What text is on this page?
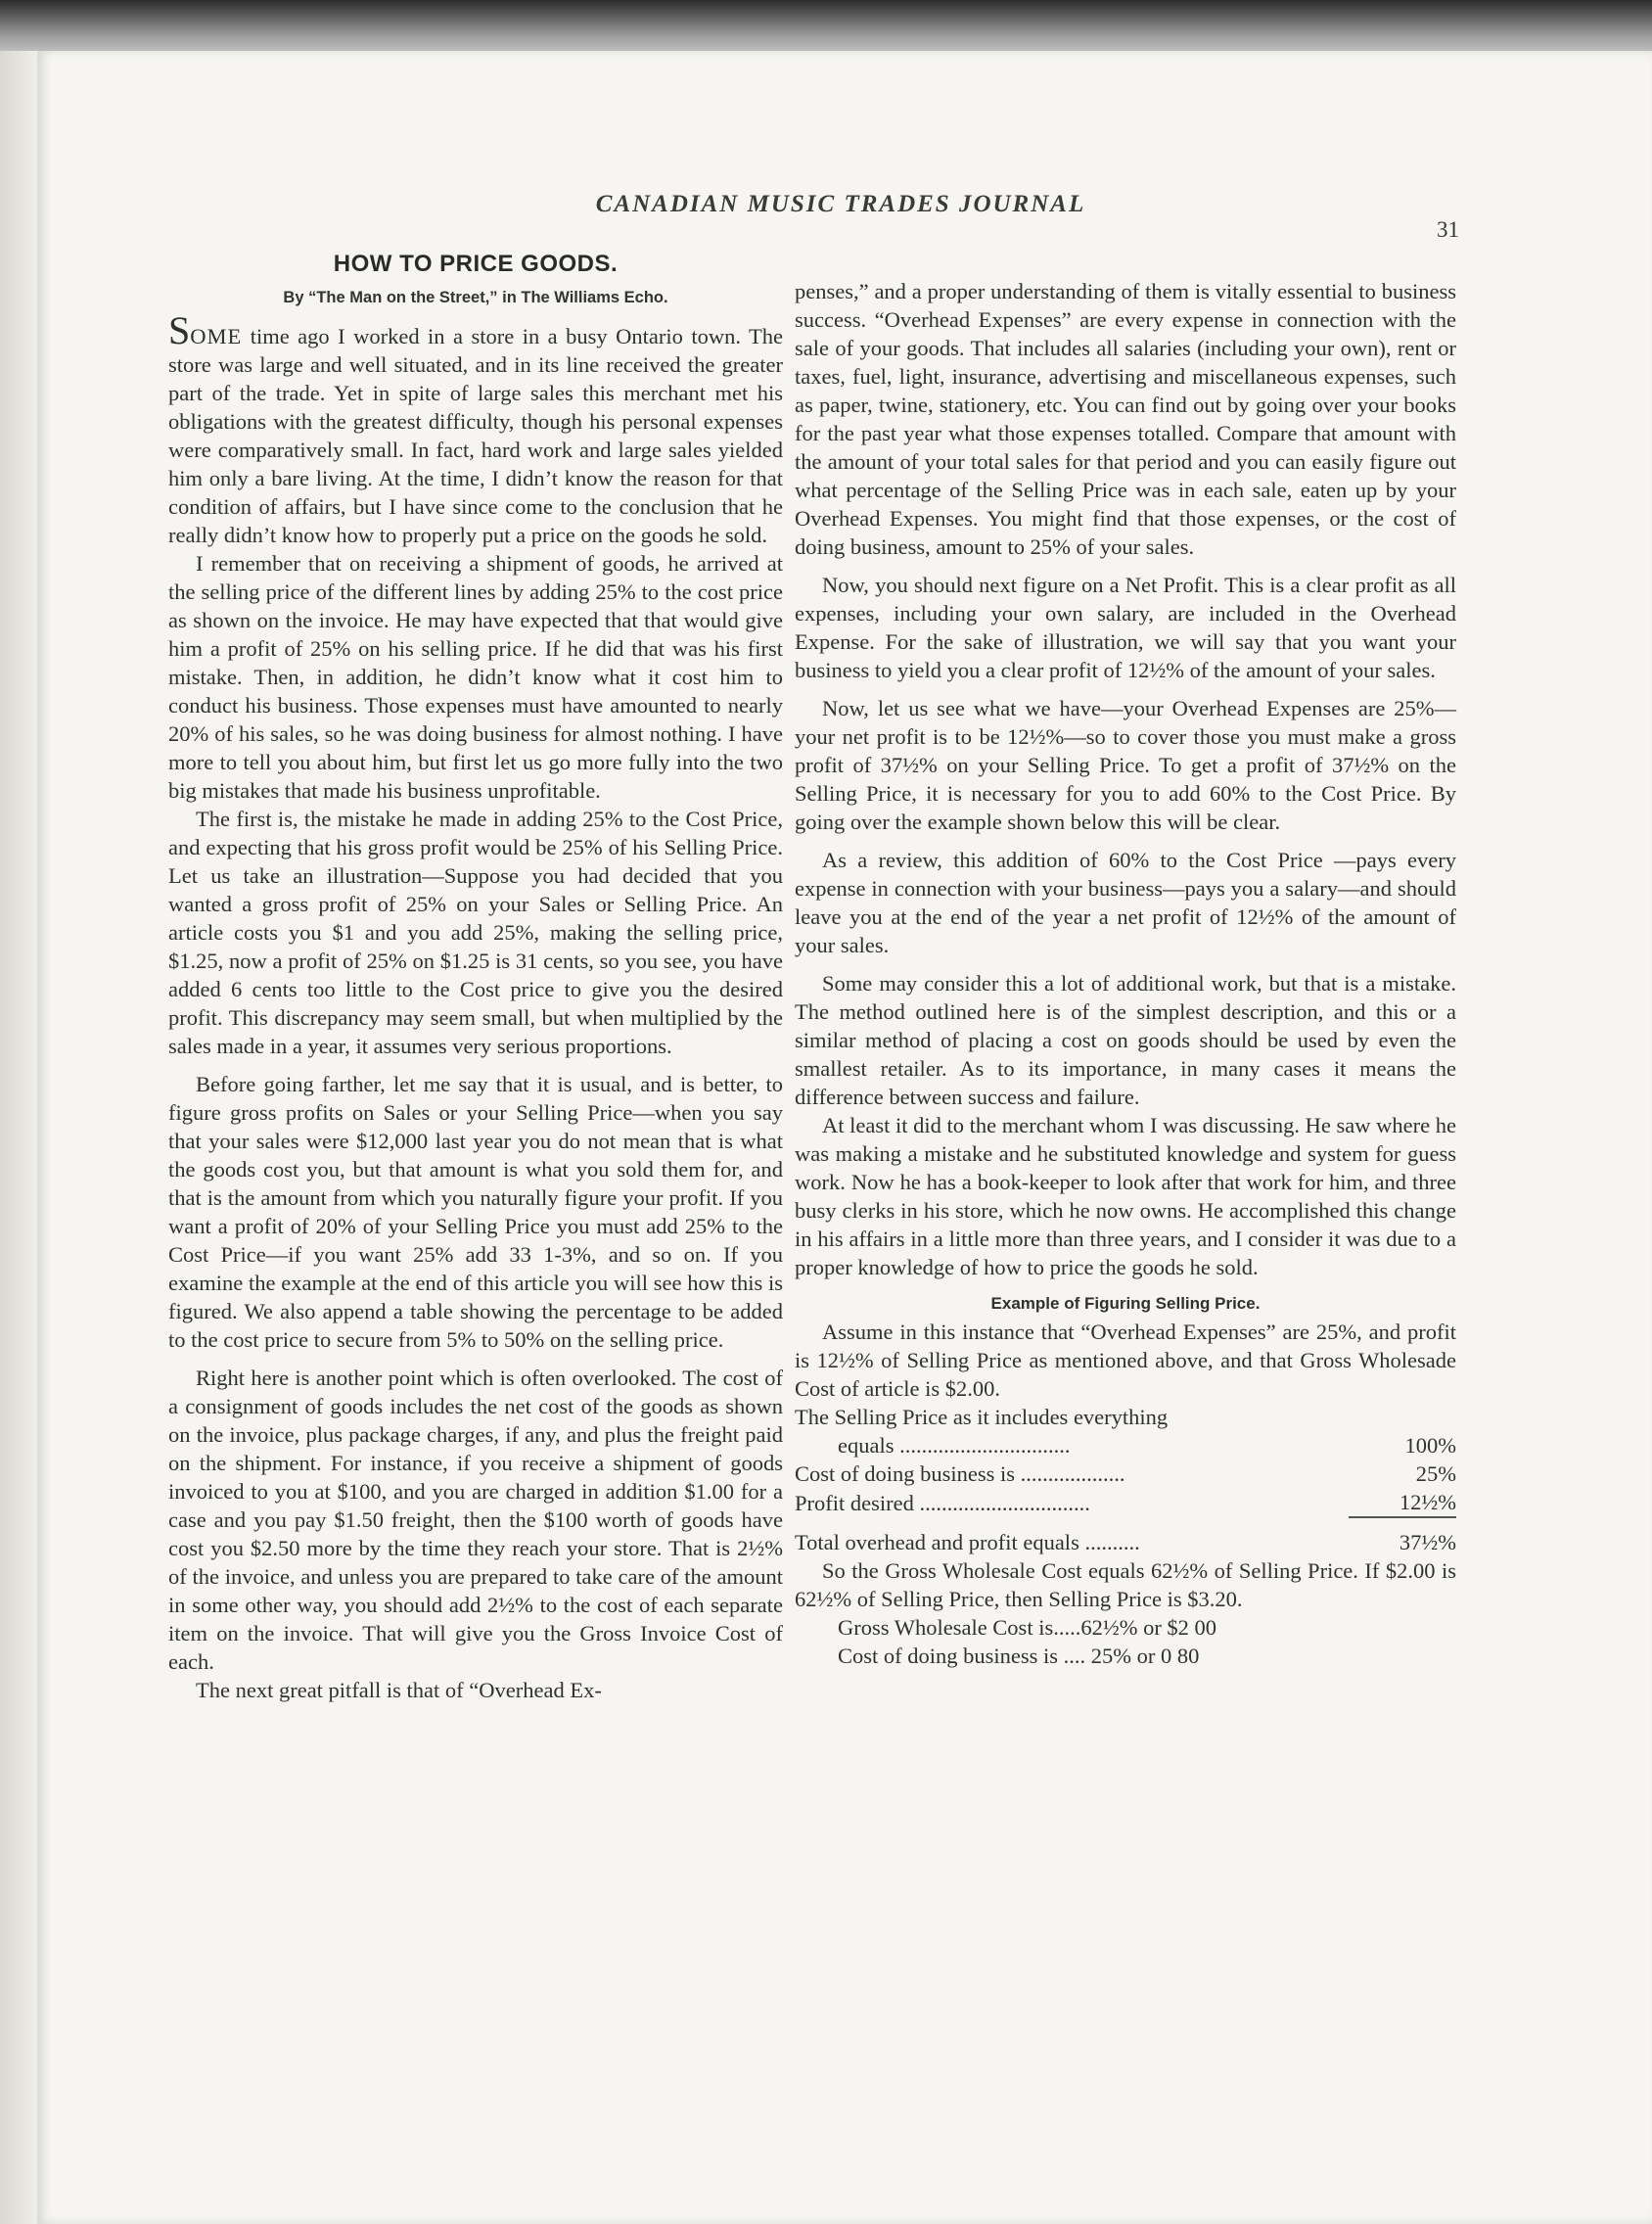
CANADIAN MUSIC TRADES JOURNAL
31
HOW TO PRICE GOODS.
By “The Man on the Street,” in The Williams Echo.

SOME time ago I worked in a store in a busy Ontario town. The store was large and well situated, and in its line received the greater part of the trade. Yet in spite of large sales this merchant met his obligations with the greatest difficulty, though his personal expenses were comparatively small. In fact, hard work and large sales yielded him only a bare living. At the time, I didn’t know the reason for that condition of affairs, but I have since come to the conclusion that he really didn’t know how to properly put a price on the goods he sold.

I remember that on receiving a shipment of goods, he arrived at the selling price of the different lines by adding 25% to the cost price as shown on the invoice. He may have expected that that would give him a profit of 25% on his selling price. If he did that was his first mistake. Then, in addition, he didn’t know what it cost him to conduct his business. Those expenses must have amounted to nearly 20% of his sales, so he was doing business for almost nothing. I have more to tell you about him, but first let us go more fully into the two big mistakes that made his business unprofitable.

The first is, the mistake he made in adding 25% to the Cost Price, and expecting that his gross profit would be 25% of his Selling Price. Let us take an illustration—Suppose you had decided that you wanted a gross profit of 25% on your Sales or Selling Price. An article costs you $1 and you add 25%, making the selling price, $1.25, now a profit of 25% on $1.25 is 31 cents, so you see, you have added 6 cents too little to the Cost price to give you the desired profit. This discrepancy may seem small, but when multiplied by the sales made in a year, it assumes very serious proportions.

Before going farther, let me say that it is usual, and is better, to figure gross profits on Sales or your Selling Price—when you say that your sales were $12,000 last year you do not mean that is what the goods cost you, but that amount is what you sold them for, and that is the amount from which you naturally figure your profit. If you want a profit of 20% of your Selling Price you must add 25% to the Cost Price—if you want 25% add 33 1-3%, and so on. If you examine the example at the end of this article you will see how this is figured. We also append a table showing the percentage to be added to the cost price to secure from 5% to 50% on the selling price.

Right here is another point which is often overlooked. The cost of a consignment of goods includes the net cost of the goods as shown on the invoice, plus package charges, if any, and plus the freight paid on the shipment. For instance, if you receive a shipment of goods invoiced to you at $100, and you are charged in addition $1.00 for a case and you pay $1.50 freight, then the $100 worth of goods have cost you $2.50 more by the time they reach your store. That is 2½% of the invoice, and unless you are prepared to take care of the amount in some other way, you should add 2½% to the cost of each separate item on the invoice. That will give you the Gross Invoice Cost of each.

The next great pitfall is that of “Overhead Ex-

penses,” and a proper understanding of them is vitally essential to business success. “Overhead Expenses” are every expense in connection with the sale of your goods. That includes all salaries (including your own), rent or taxes, fuel, light, insurance, advertising and miscellaneous expenses, such as paper, twine, stationery, etc. You can find out by going over your books for the past year what those expenses totalled. Compare that amount with the amount of your total sales for that period and you can easily figure out what percentage of the Selling Price was in each sale, eaten up by your Overhead Expenses. You might find that those expenses, or the cost of doing business, amount to 25% of your sales.

Now, you should next figure on a Net Profit. This is a clear profit as all expenses, including your own salary, are included in the Overhead Expense. For the sake of illustration, we will say that you want your business to yield you a clear profit of 12½% of the amount of your sales.

Now, let us see what we have—your Overhead Expenses are 25%—your net profit is to be 12½%—so to cover those you must make a gross profit of 37½% on your Selling Price. To get a profit of 37½% on the Selling Price, it is necessary for you to add 60% to the Cost Price. By going over the example shown below this will be clear.

As a review, this addition of 60% to the Cost Price —pays every expense in connection with your business—pays you a salary—and should leave you at the end of the year a net profit of 12½% of the amount of your sales.

Some may consider this a lot of additional work, but that is a mistake. The method outlined here is of the simplest description, and this or a similar method of placing a cost on goods should be used by even the smallest retailer. As to its importance, in many cases it means the difference between success and failure.

At least it did to the merchant whom I was discussing. He saw where he was making a mistake and he substituted knowledge and system for guess work. Now he has a book-keeper to look after that work for him, and three busy clerks in his store, which he now owns. He accomplished this change in his affairs in a little more than three years, and I consider it was due to a proper knowledge of how to price the goods he sold.

Example of Figuring Selling Price.

Assume in this instance that “Overhead Expenses” are 25%, and profit is 12½% of Selling Price as mentioned above, and that Gross Wholesade Cost of article is $2.00.

The Selling Price as it includes everything	
equals ...............................	100%
Cost of doing business is ...................	25%
Profit desired ...............................	12½%
Total overhead and profit equals ..........	37½%

So the Gross Wholesale Cost equals 62½% of Selling Price. If $2.00 is 62½% of Selling Price, then Selling Price is $3.20.

Gross Wholesale Cost is.....62½% or $2 00
Cost of doing business is .... 25% or 0 80
